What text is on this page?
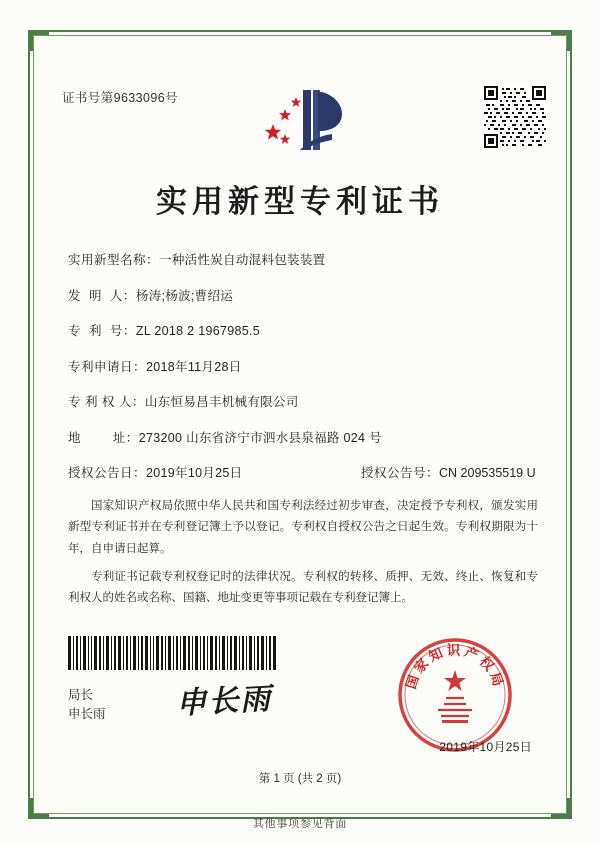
证书号第9633096号
实用新型专利证书
实用新型名称： 一种活性炭自动混料包装装置
发  明  人： 杨涛;杨波;曹绍运
专  利  号： ZL 2018 2 1967985.5
专利申请日： 2018年11月28日
专 利 权 人： 山东恒易昌丰机械有限公司
地        址： 273200 山东省济宁市泗水县泉福路 024 号
授权公告日： 2019年10月25日	授权公告号： CN 209535519 U

国家知识产权局依照中华人民共和国专利法经过初步审查，决定授予专利权，颁发实用新型专利证书并在专利登记簿上予以登记。专利权自授权公告之日起生效。专利权期限为十年，自申请日起算。

专利证书记载专利权登记时的法律状况。专利权的转移、质押、无效、终止、恢复和专利权人的姓名或名称、国籍、地址变更等事项记载在专利登记簿上。

局长
申长雨 申长雨
国家知识产权局
2019年10月25日
第 1 页 (共 2 页)
其他事项参见背面
